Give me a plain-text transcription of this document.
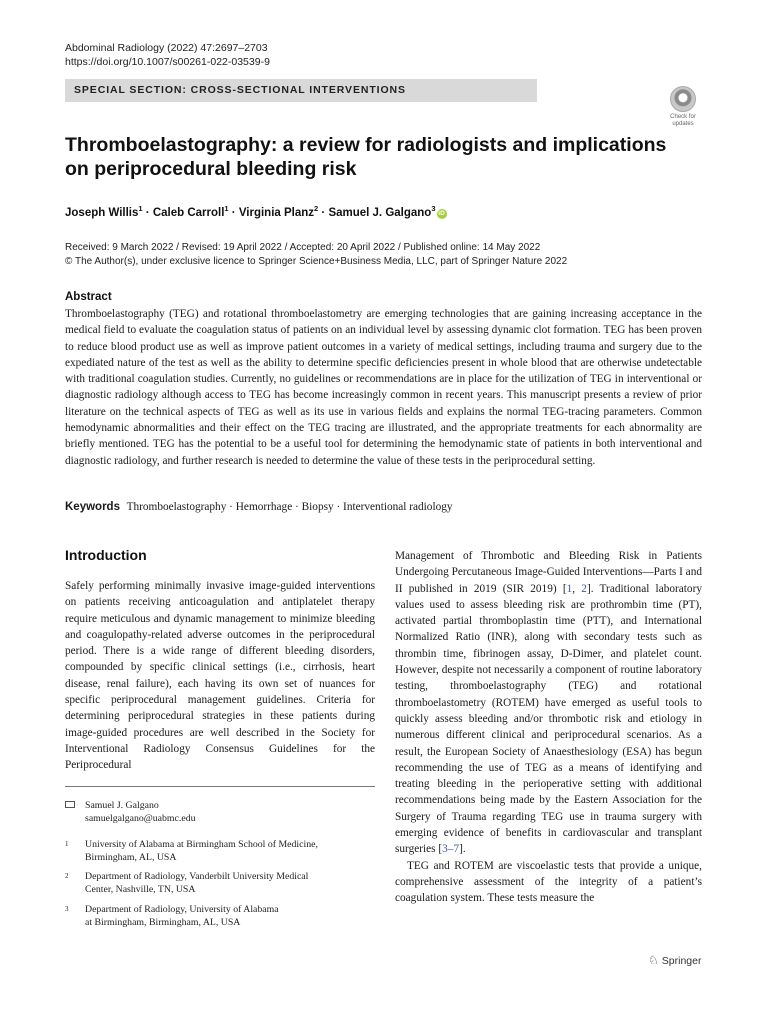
Abdominal Radiology (2022) 47:2697–2703
https://doi.org/10.1007/s00261-022-03539-9
SPECIAL SECTION: CROSS-SECTIONAL INTERVENTIONS
Check for
updates
Thromboelastography: a review for radiologists and implications on periprocedural bleeding risk
Joseph Willis$^1$ · Caleb Carroll$^1$ · Virginia Planz$^2$ · Samuel J. Galgano$^3$iD
Received: 9 March 2022 / Revised: 19 April 2022 / Accepted: 20 April 2022 / Published online: 14 May 2022
© The Author(s), under exclusive licence to Springer Science+Business Media, LLC, part of Springer Nature 2022
Abstract
Thromboelastography (TEG) and rotational thromboelastometry are emerging technologies that are gaining increasing acceptance in the medical field to evaluate the coagulation status of patients on an individual level by assessing dynamic clot formation. TEG has been proven to reduce blood product use as well as improve patient outcomes in a variety of medical settings, including trauma and surgery due to the expediated nature of the test as well as the ability to determine specific deficiencies present in whole blood that are otherwise undetectable with traditional coagulation studies. Currently, no guidelines or recommendations are in place for the utilization of TEG in interventional or diagnostic radiology although access to TEG has become increasingly common in recent years. This manuscript presents a review of prior literature on the technical aspects of TEG as well as its use in various fields and explains the normal TEG-tracing parameters. Common hemodynamic abnormalities and their effect on the TEG tracing are illustrated, and the appropriate treatments for each abnormality are briefly mentioned. TEG has the potential to be a useful tool for determining the hemodynamic state of patients in both interventional and diagnostic radiology, and further research is needed to determine the value of these tests in the periprocedural setting.
Keywords Thromboelastography · Hemorrhage · Biopsy · Interventional radiology
Introduction
Safely performing minimally invasive image-guided interventions on patients receiving anticoagulation and antiplatelet therapy require meticulous and dynamic management to minimize bleeding and coagulopathy-related adverse outcomes in the periprocedural period. There is a wide range of different bleeding disorders, compounded by specific clinical settings (i.e., cirrhosis, heart disease, renal failure), each having its own set of nuances for specific periprocedural management guidelines. Criteria for determining periprocedural strategies in these patients during image-guided procedures are well described in the Society for Interventional Radiology Consensus Guidelines for the Periprocedural

Management of Thrombotic and Bleeding Risk in Patients Undergoing Percutaneous Image-Guided Interventions—Parts I and II published in 2019 (SIR 2019) [1, 2]. Traditional laboratory values used to assess bleeding risk are prothrombin time (PT), activated partial thromboplastin time (PTT), and International Normalized Ratio (INR), along with secondary tests such as thrombin time, fibrinogen assay, D-Dimer, and platelet count. However, despite not necessarily a component of routine laboratory testing, thromboelastography (TEG) and rotational thromboelastometry (ROTEM) have emerged as useful tools to quickly assess bleeding and/or thrombotic risk and etiology in numerous different clinical and periprocedural scenarios. As a result, the European Society of Anaesthesiology (ESA) has begun recommending the use of TEG as a means of identifying and treating bleeding in the perioperative setting with additional recommendations being made by the Eastern Association for the Surgery of Trauma regarding TEG use in trauma surgery with emerging evidence of benefits in cardiovascular and transplant surgeries [3–7].

TEG and ROTEM are viscoelastic tests that provide a unique, comprehensive assessment of the integrity of a patient’s coagulation system. These tests measure the

Samuel J. Galgano
samuelgalgano@uabmc.edu
1 University of Alabama at Birmingham School of Medicine,
Birmingham, AL, USA
2 Department of Radiology, Vanderbilt University Medical
Center, Nashville, TN, USA
3 Department of Radiology, University of Alabama
at Birmingham, Birmingham, AL, USA
♘ Springer
